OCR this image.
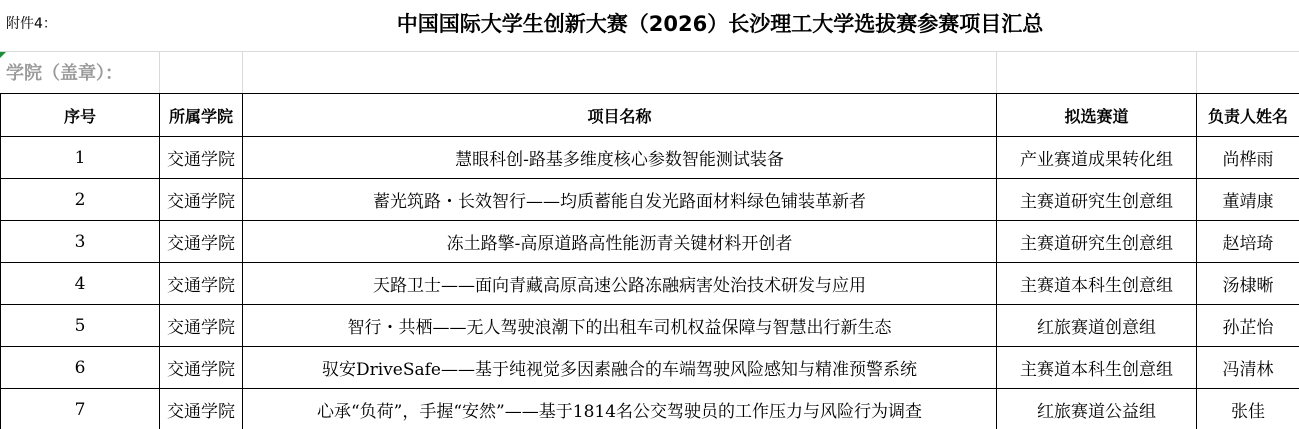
附件4：	中国国际大学生创新大赛（2026）长沙理工大学选拔赛参赛项目汇总
学院（盖章）：
序号	所属学院	项目名称	拟选赛道	负责人姓名
1	交通学院	慧眼科创-路基多维度核心参数智能测试装备	产业赛道成果转化组	尚桦雨
2	交通学院	蓄光筑路・长效智行——均质蓄能自发光路面材料绿色铺装革新者	主赛道研究生创意组	董靖康
3	交通学院	冻土路擎-高原道路高性能沥青关键材料开创者	主赛道研究生创意组	赵培琦
4	交通学院	天路卫士——面向青藏高原高速公路冻融病害处治技术研发与应用	主赛道本科生创意组	汤棣晰
5	交通学院	智行・共栖——无人驾驶浪潮下的出租车司机权益保障与智慧出行新生态	红旅赛道创意组	孙芷怡
6	交通学院	驭安DriveSafe——基于纯视觉多因素融合的车端驾驶风险感知与精准预警系统	主赛道本科生创意组	冯清林
7	交通学院	心承“负荷”，手握“安然”——基于1814名公交驾驶员的工作压力与风险行为调查	红旅赛道公益组	张佳
